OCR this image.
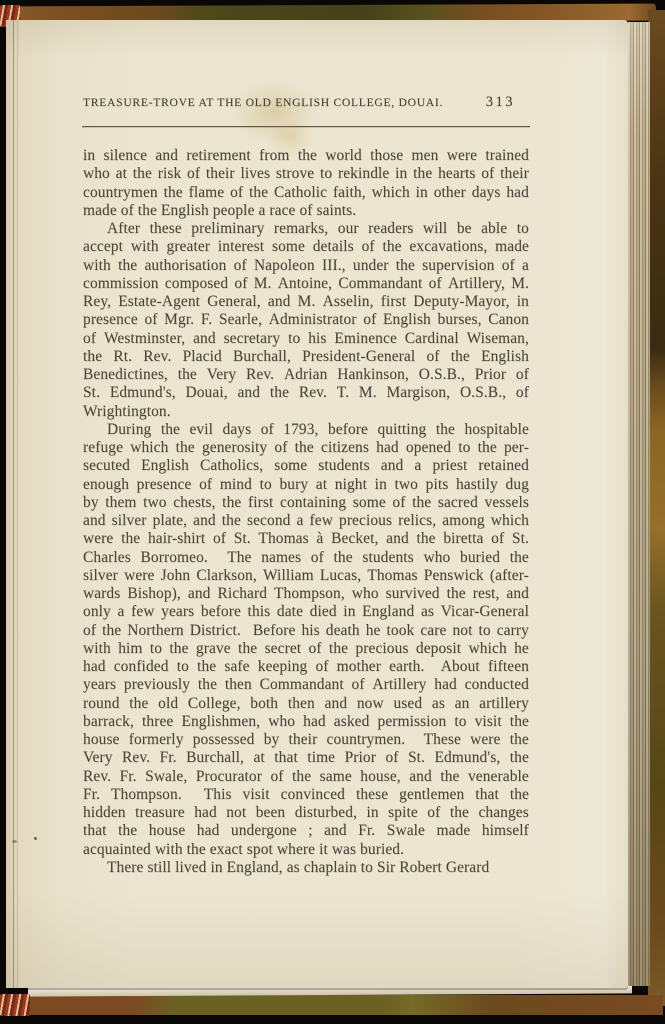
TREASURE-TROVE AT THE OLD ENGLISH COLLEGE, DOUAI.	313
in silence and retirement from the world those men were trained
who at the risk of their lives strove to rekindle in the hearts of their
countrymen the flame of the Catholic faith, which in other days had
made of the English people a race of saints.
After these preliminary remarks, our readers will be able to
accept with greater interest some details of the excavations, made
with the authorisation of Napoleon III., under the supervision of a
commission composed of M. Antoine, Commandant of Artillery, M.
Rey, Estate-Agent General, and M. Asselin, first Deputy-Mayor, in
presence of Mgr. F. Searle, Administrator of English burses, Canon
of Westminster, and secretary to his Eminence Cardinal Wiseman,
the Rt. Rev. Placid Burchall, President-General of the English
Benedictines, the Very Rev. Adrian Hankinson, O.S.B., Prior of
St. Edmund's, Douai, and the Rev. T. M. Margison, O.S.B., of
Wrightington.
During the evil days of 1793, before quitting the hospitable
refuge which the generosity of the citizens had opened to the per-
secuted English Catholics, some students and a priest retained
enough presence of mind to bury at night in two pits hastily dug
by them two chests, the first containing some of the sacred vessels
and silver plate, and the second a few precious relics, among which
were the hair-shirt of St. Thomas à Becket, and the biretta of St.
Charles Borromeo. The names of the students who buried the
silver were John Clarkson, William Lucas, Thomas Penswick (after-
wards Bishop), and Richard Thompson, who survived the rest, and
only a few years before this date died in England as Vicar-General
of the Northern District. Before his death he took care not to carry
with him to the grave the secret of the precious deposit which he
had confided to the safe keeping of mother earth. About fifteen
years previously the then Commandant of Artillery had conducted
round the old College, both then and now used as an artillery
barrack, three Englishmen, who had asked permission to visit the
house formerly possessed by their countrymen. These were the
Very Rev. Fr. Burchall, at that time Prior of St. Edmund's, the
Rev. Fr. Swale, Procurator of the same house, and the venerable
Fr. Thompson. This visit convinced these gentlemen that the
hidden treasure had not been disturbed, in spite of the changes
that the house had undergone ; and Fr. Swale made himself
acquainted with the exact spot where it was buried.
There still lived in England, as chaplain to Sir Robert Gerard
